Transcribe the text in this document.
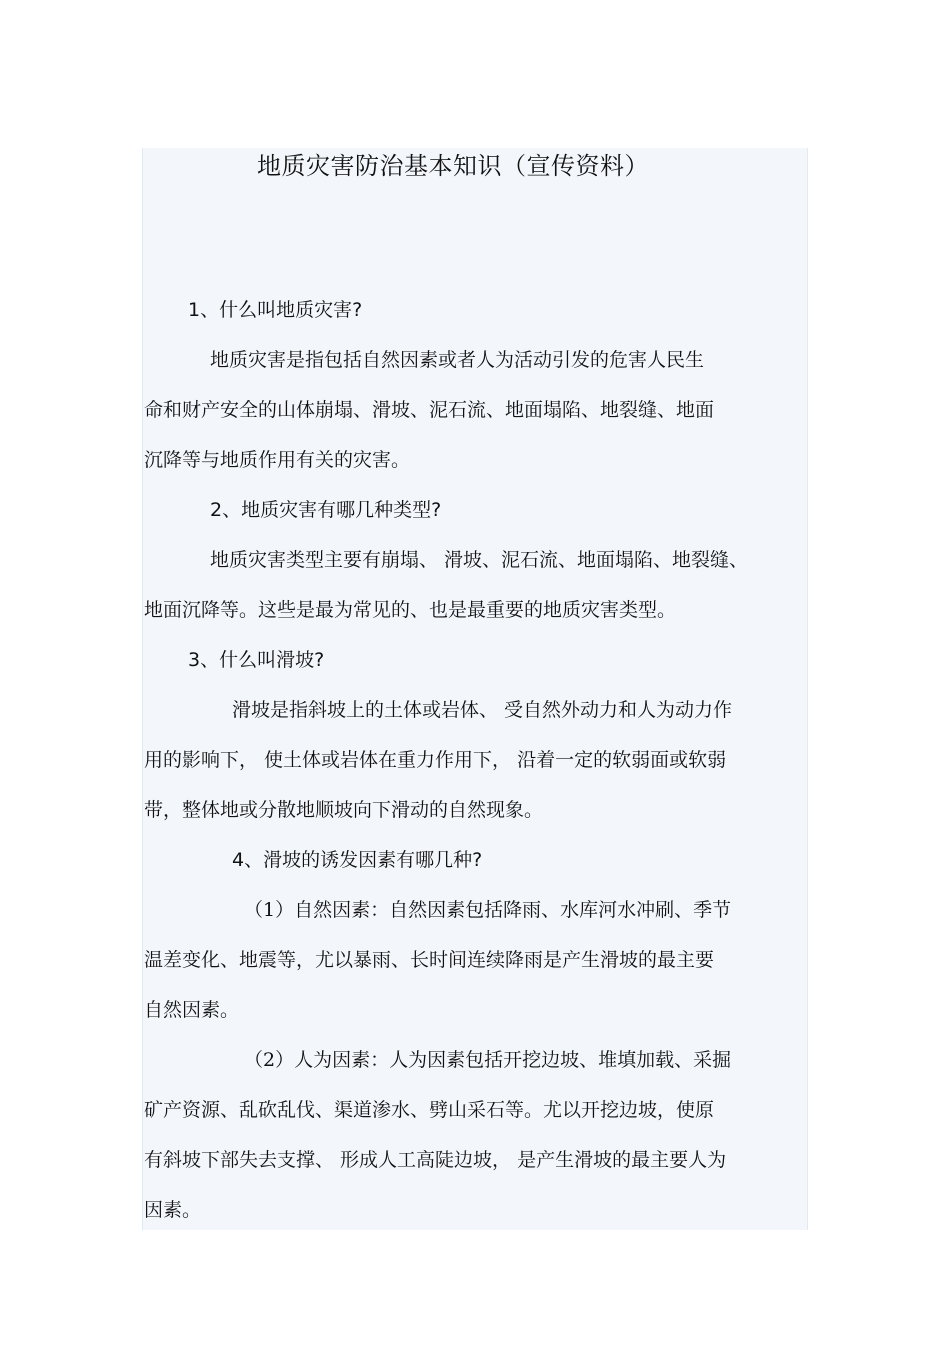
地质灾害防治基本知识（宣传资料）
1、什么叫地质灾害?
地质灾害是指包括自然因素或者人为活动引发的危害人民生
命和财产安全的山体崩塌、滑坡、泥石流、地面塌陷、地裂缝、地面
沉降等与地质作用有关的灾害。
2、地质灾害有哪几种类型?
地质灾害类型主要有崩塌、 滑坡、泥石流、地面塌陷、地裂缝、
地面沉降等。这些是最为常见的、也是最重要的地质灾害类型。
3、什么叫滑坡?
滑坡是指斜坡上的土体或岩体、 受自然外动力和人为动力作
用的影响下， 使土体或岩体在重力作用下， 沿着一定的软弱面或软弱
带，整体地或分散地顺坡向下滑动的自然现象。
4、滑坡的诱发因素有哪几种?
（1）自然因素：自然因素包括降雨、水库河水冲刷、季节
温差变化、地震等，尤以暴雨、长时间连续降雨是产生滑坡的最主要
自然因素。
（2）人为因素：人为因素包括开挖边坡、堆填加载、采掘
矿产资源、乱砍乱伐、渠道渗水、劈山采石等。尤以开挖边坡，使原
有斜坡下部失去支撑、 形成人工高陡边坡， 是产生滑坡的最主要人为
因素。
